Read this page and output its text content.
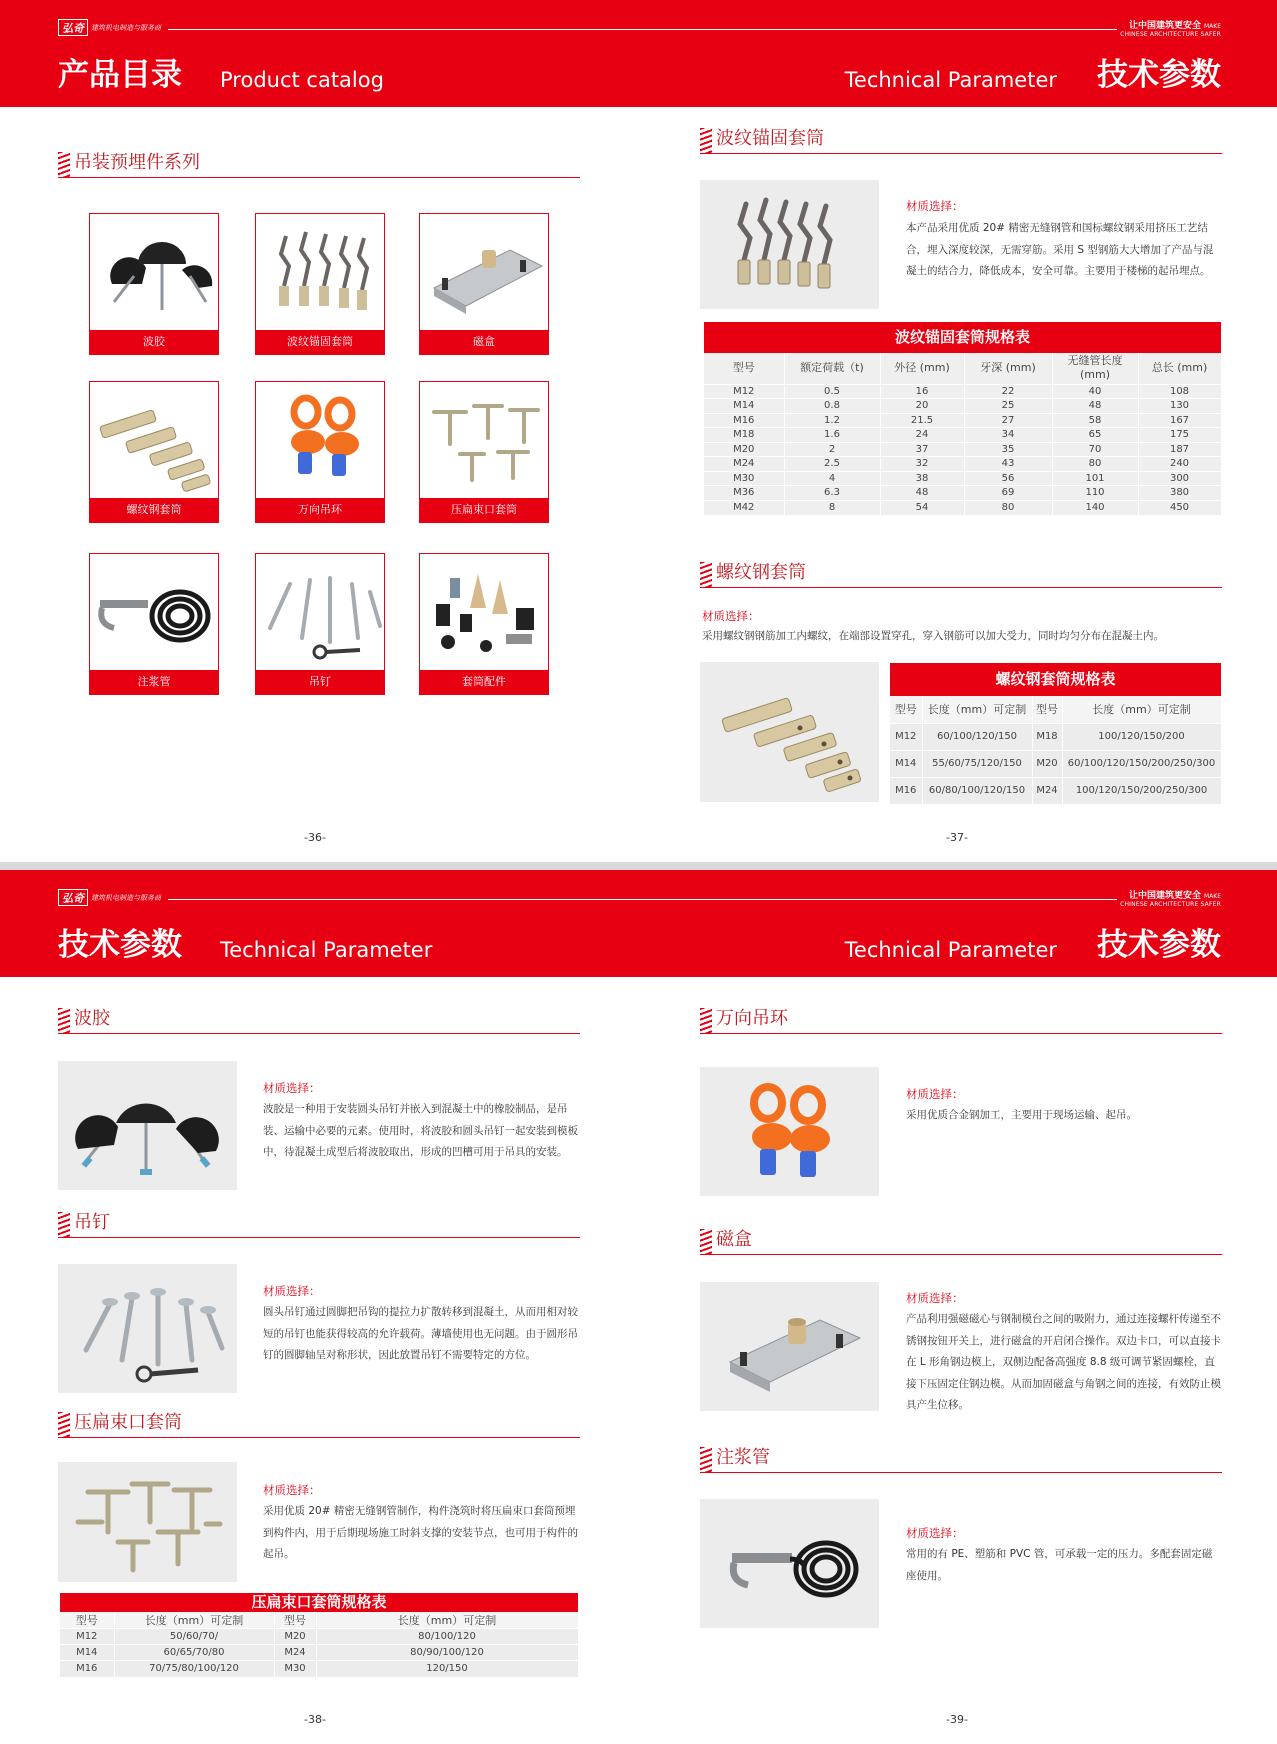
弘奇	建筑机电制造与服务商	让中国建筑更安全 MAKE
CHINESE ARCHITECTURE SAFER
产品目录 Product catalog	Technical Parameter 技术参数
吊装预埋件系列
波胶	波纹锚固套筒	磁盒
螺纹钢套筒	万向吊环	压扁束口套筒
注浆管	吊钉	套筒配件
波纹锚固套筒
材质选择：
本产品采用优质 20# 精密无缝钢管和国标螺纹钢采用挤压工艺结合，埋入深度较深，无需穿筋。采用 S 型钢筋大大增加了产品与混凝土的结合力，降低成本，安全可靠。主要用于楼梯的起吊埋点。
波纹锚固套筒规格表
型号	额定荷载（t)	外径 (mm)	牙深 (mm)	无缝管长度 (mm)	总长 (mm)
M12	0.5	16	22	40	108
M14	0.8	20	25	48	130
M16	1.2	21.5	27	58	167
M18	1.6	24	34	65	175
M20	2	37	35	70	187
M24	2.5	32	43	80	240
M30	4	38	56	101	300
M36	6.3	48	69	110	380
M42	8	54	80	140	450
螺纹钢套筒
材质选择：
采用螺纹钢钢筋加工内螺纹，在端部设置穿孔，穿入钢筋可以加大受力，同时均匀分布在混凝土内。
螺纹钢套筒规格表
型号	长度（mm）可定制	型号	长度（mm）可定制
M12	60/100/120/150	M18	100/120/150/200
M14	55/60/75/120/150	M20	60/100/120/150/200/250/300
M16	60/80/100/120/150	M24	100/120/150/200/250/300
-36-	-37-
弘奇	建筑机电制造与服务商	让中国建筑更安全 MAKE
CHINESE ARCHITECTURE SAFER
技术参数 Technical Parameter	Technical Parameter 技术参数
波胶
材质选择：
波胶是一种用于安装圆头吊钉并嵌入到混凝土中的橡胶制品，是吊装、运输中必要的元素。使用时，将波胶和圆头吊钉一起安装到模板中，待混凝土成型后将波胶取出，形成的凹槽可用于吊具的安装。
吊钉
材质选择：
圆头吊钉通过圆脚把吊钩的提拉力扩散转移到混凝土，从而用相对较短的吊钉也能获得较高的允许载荷。薄墙使用也无问题。由于圆形吊钉的圆脚轴呈对称形状，因此放置吊钉不需要特定的方位。
压扁束口套筒
材质选择：
采用优质 20# 精密无缝钢管制作，构件浇筑时将压扁束口套筒预埋到构件内，用于后期现场施工时斜支撑的安装节点，也可用于构件的起吊。
压扁束口套筒规格表
型号	长度（mm）可定制	型号	长度（mm）可定制
M12	50/60/70/	M20	80/100/120
M14	60/65/70/80	M24	80/90/100/120
M16	70/75/80/100/120	M30	120/150
万向吊环
材质选择：
采用优质合金钢加工，主要用于现场运输、起吊。
磁盒
材质选择：
产品利用强磁磁心与钢制模台之间的吸附力，通过连接螺杆传递至不锈钢按钮开关上，进行磁盒的开启闭合操作。双边卡口，可以直接卡在 L 形角钢边模上，双侧边配备高强度 8.8 级可调节紧固螺栓，直接下压固定住钢边模。从而加固磁盒与角钢之间的连接，有效防止模具产生位移。
注浆管
材质选择：
常用的有 PE、塑筋和 PVC 管，可承载一定的压力。多配套固定磁座使用。
-38-	-39-
